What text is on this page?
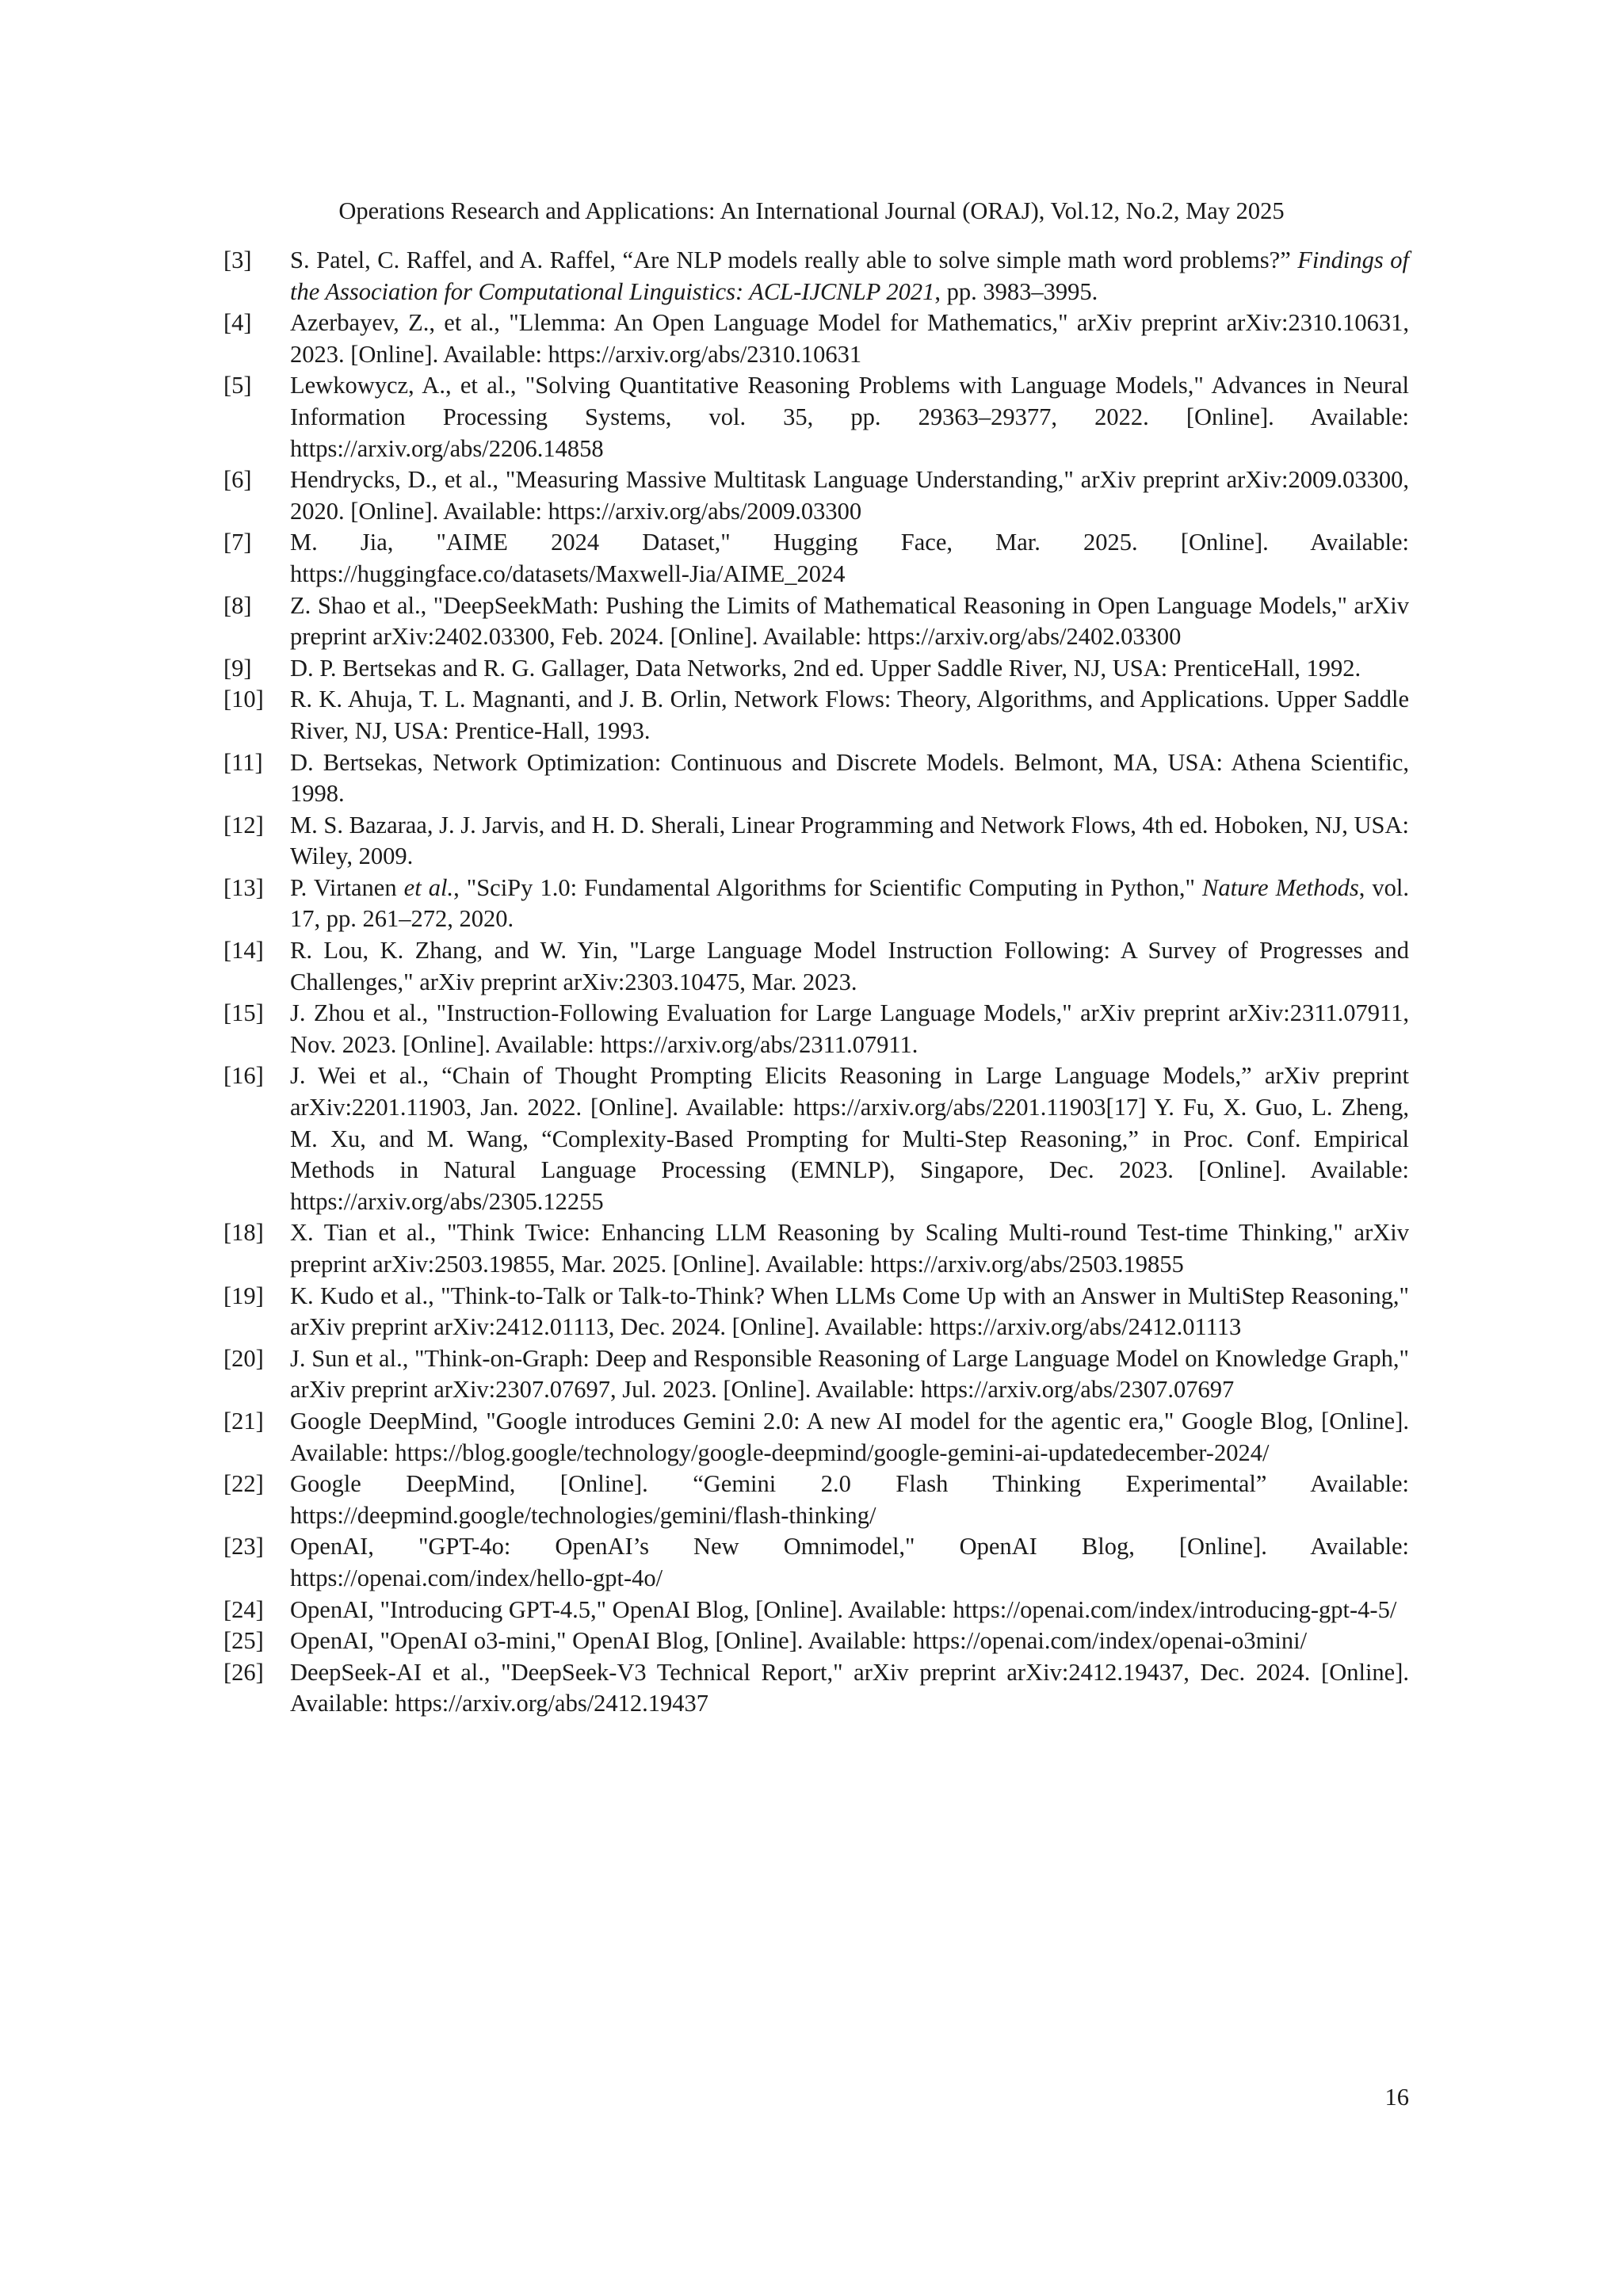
Operations Research and Applications: An International Journal (ORAJ), Vol.12, No.2, May 2025
[3]	S. Patel, C. Raffel, and A. Raffel, “Are NLP models really able to solve simple math word problems?” Findings of the Association for Computational Linguistics: ACL-IJCNLP 2021, pp. 3983–3995.
[4]	Azerbayev, Z., et al., "Llemma: An Open Language Model for Mathematics," arXiv preprint arXiv:2310.10631, 2023. [Online]. Available: https://arxiv.org/abs/2310.10631
[5]	Lewkowycz, A., et al., "Solving Quantitative Reasoning Problems with Language Models," Advances in Neural Information Processing Systems, vol. 35, pp. 29363–29377, 2022. [Online]. Available: https://arxiv.org/abs/2206.14858
[6]	Hendrycks, D., et al., "Measuring Massive Multitask Language Understanding," arXiv preprint arXiv:2009.03300, 2020. [Online]. Available: https://arxiv.org/abs/2009.03300
[7]	M. Jia, "AIME 2024 Dataset," Hugging Face, Mar. 2025. [Online]. Available: https://huggingface.co/datasets/Maxwell-Jia/AIME_2024
[8]	Z. Shao et al., "DeepSeekMath: Pushing the Limits of Mathematical Reasoning in Open Language Models," arXiv preprint arXiv:2402.03300, Feb. 2024. [Online]. Available: https://arxiv.org/abs/2402.03300
[9]	D. P. Bertsekas and R. G. Gallager, Data Networks, 2nd ed. Upper Saddle River, NJ, USA: PrenticeHall, 1992.
[10]	R. K. Ahuja, T. L. Magnanti, and J. B. Orlin, Network Flows: Theory, Algorithms, and Applications. Upper Saddle River, NJ, USA: Prentice-Hall, 1993.
[11]	D. Bertsekas, Network Optimization: Continuous and Discrete Models. Belmont, MA, USA: Athena Scientific, 1998.
[12]	M. S. Bazaraa, J. J. Jarvis, and H. D. Sherali, Linear Programming and Network Flows, 4th ed. Hoboken, NJ, USA: Wiley, 2009.
[13]	P. Virtanen et al., "SciPy 1.0: Fundamental Algorithms for Scientific Computing in Python," Nature Methods, vol. 17, pp. 261–272, 2020.
[14]	R. Lou, K. Zhang, and W. Yin, "Large Language Model Instruction Following: A Survey of Progresses and Challenges," arXiv preprint arXiv:2303.10475, Mar. 2023.
[15]	J. Zhou et al., "Instruction-Following Evaluation for Large Language Models," arXiv preprint arXiv:2311.07911, Nov. 2023. [Online]. Available: https://arxiv.org/abs/2311.07911.
[16]	J. Wei et al., “Chain of Thought Prompting Elicits Reasoning in Large Language Models,” arXiv preprint arXiv:2201.11903, Jan. 2022. [Online]. Available: https://arxiv.org/abs/2201.11903[17] Y. Fu, X. Guo, L. Zheng, M. Xu, and M. Wang, “Complexity-Based Prompting for Multi-Step Reasoning,” in Proc. Conf. Empirical Methods in Natural Language Processing (EMNLP), Singapore, Dec. 2023. [Online]. Available: https://arxiv.org/abs/2305.12255
[18]	X. Tian et al., "Think Twice: Enhancing LLM Reasoning by Scaling Multi-round Test-time Thinking," arXiv preprint arXiv:2503.19855, Mar. 2025. [Online]. Available: https://arxiv.org/abs/2503.19855
[19]	K. Kudo et al., "Think-to-Talk or Talk-to-Think? When LLMs Come Up with an Answer in MultiStep Reasoning," arXiv preprint arXiv:2412.01113, Dec. 2024. [Online]. Available: https://arxiv.org/abs/2412.01113
[20]	J. Sun et al., "Think-on-Graph: Deep and Responsible Reasoning of Large Language Model on Knowledge Graph," arXiv preprint arXiv:2307.07697, Jul. 2023. [Online]. Available: https://arxiv.org/abs/2307.07697
[21]	Google DeepMind, "Google introduces Gemini 2.0: A new AI model for the agentic era," Google Blog, [Online]. Available: https://blog.google/technology/google-deepmind/google-gemini-ai-updatedecember-2024/
[22]	Google DeepMind, [Online]. “Gemini 2.0 Flash Thinking Experimental” Available: https://deepmind.google/technologies/gemini/flash-thinking/
[23]	OpenAI, "GPT-4o: OpenAI’s New Omnimodel," OpenAI Blog, [Online]. Available: https://openai.com/index/hello-gpt-4o/
[24]	OpenAI, "Introducing GPT-4.5," OpenAI Blog, [Online]. Available: https://openai.com/index/introducing-gpt-4-5/
[25]	OpenAI, "OpenAI o3-mini," OpenAI Blog, [Online]. Available: https://openai.com/index/openai-o3mini/
[26]	DeepSeek-AI et al., "DeepSeek-V3 Technical Report," arXiv preprint arXiv:2412.19437, Dec. 2024. [Online]. Available: https://arxiv.org/abs/2412.19437
16
